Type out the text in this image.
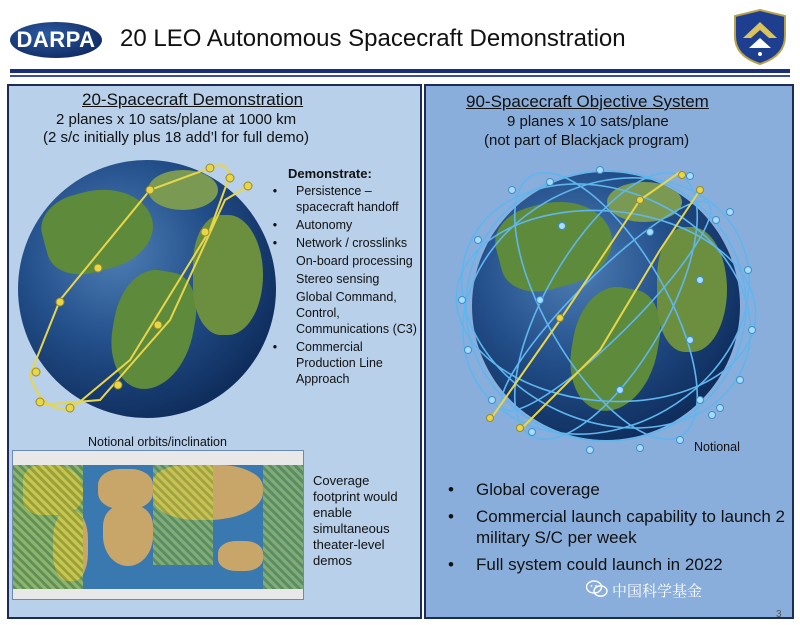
DARPA 20 LEO Autonomous Spacecraft Demonstration
20-Spacecraft Demonstration
2 planes x 10 sats/plane at 1000 km
(2 s/c initially plus 18 add’l for full demo)
Demonstrate:
• Persistence – spacecraft handoff
• Autonomy
• Network / crosslinks
On-board processing
Stereo sensing
Global Command, Control, Communications (C3)
• Commercial Production Line Approach
Notional orbits/inclination
Coverage footprint would enable simultaneous theater-level demos
90-Spacecraft Objective System
9 planes x 10 sats/plane
(not part of Blackjack program)
Notional
• Global coverage
• Commercial launch capability to launch 2 military S/C per week
• Full system could launch in 2022
中国科学基金
3
